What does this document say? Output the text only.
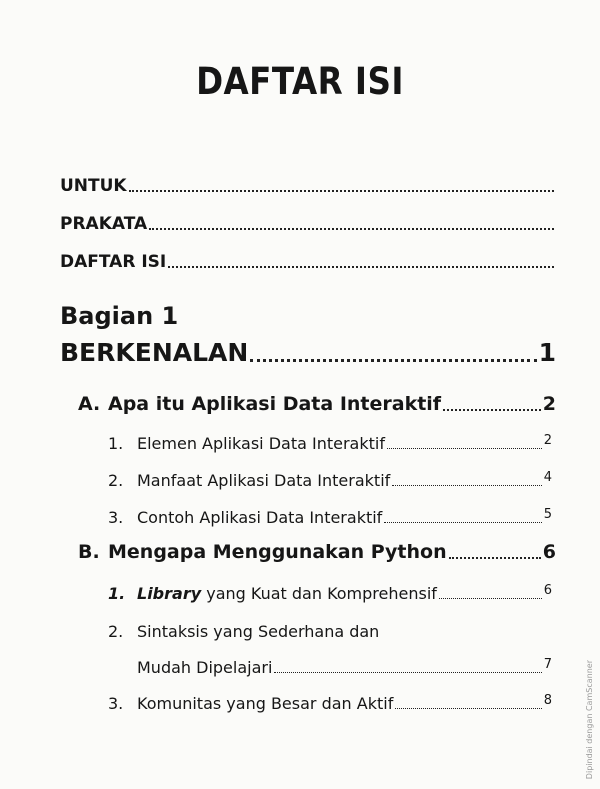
DAFTAR ISI
UNTUK
PRAKATA
DAFTAR ISI
Bagian 1
BERKENALAN	1
A. Apa itu Aplikasi Data Interaktif	2
1. Elemen Aplikasi Data Interaktif	2
2. Manfaat Aplikasi Data Interaktif	4
3. Contoh Aplikasi Data Interaktif	5
B. Mengapa Menggunakan Python	6
1. Library yang Kuat dan Komprehensif	6
2. Sintaksis yang Sederhana dan
Mudah Dipelajari	7
3. Komunitas yang Besar dan Aktif	8	Dipindai dengan CamScanner
